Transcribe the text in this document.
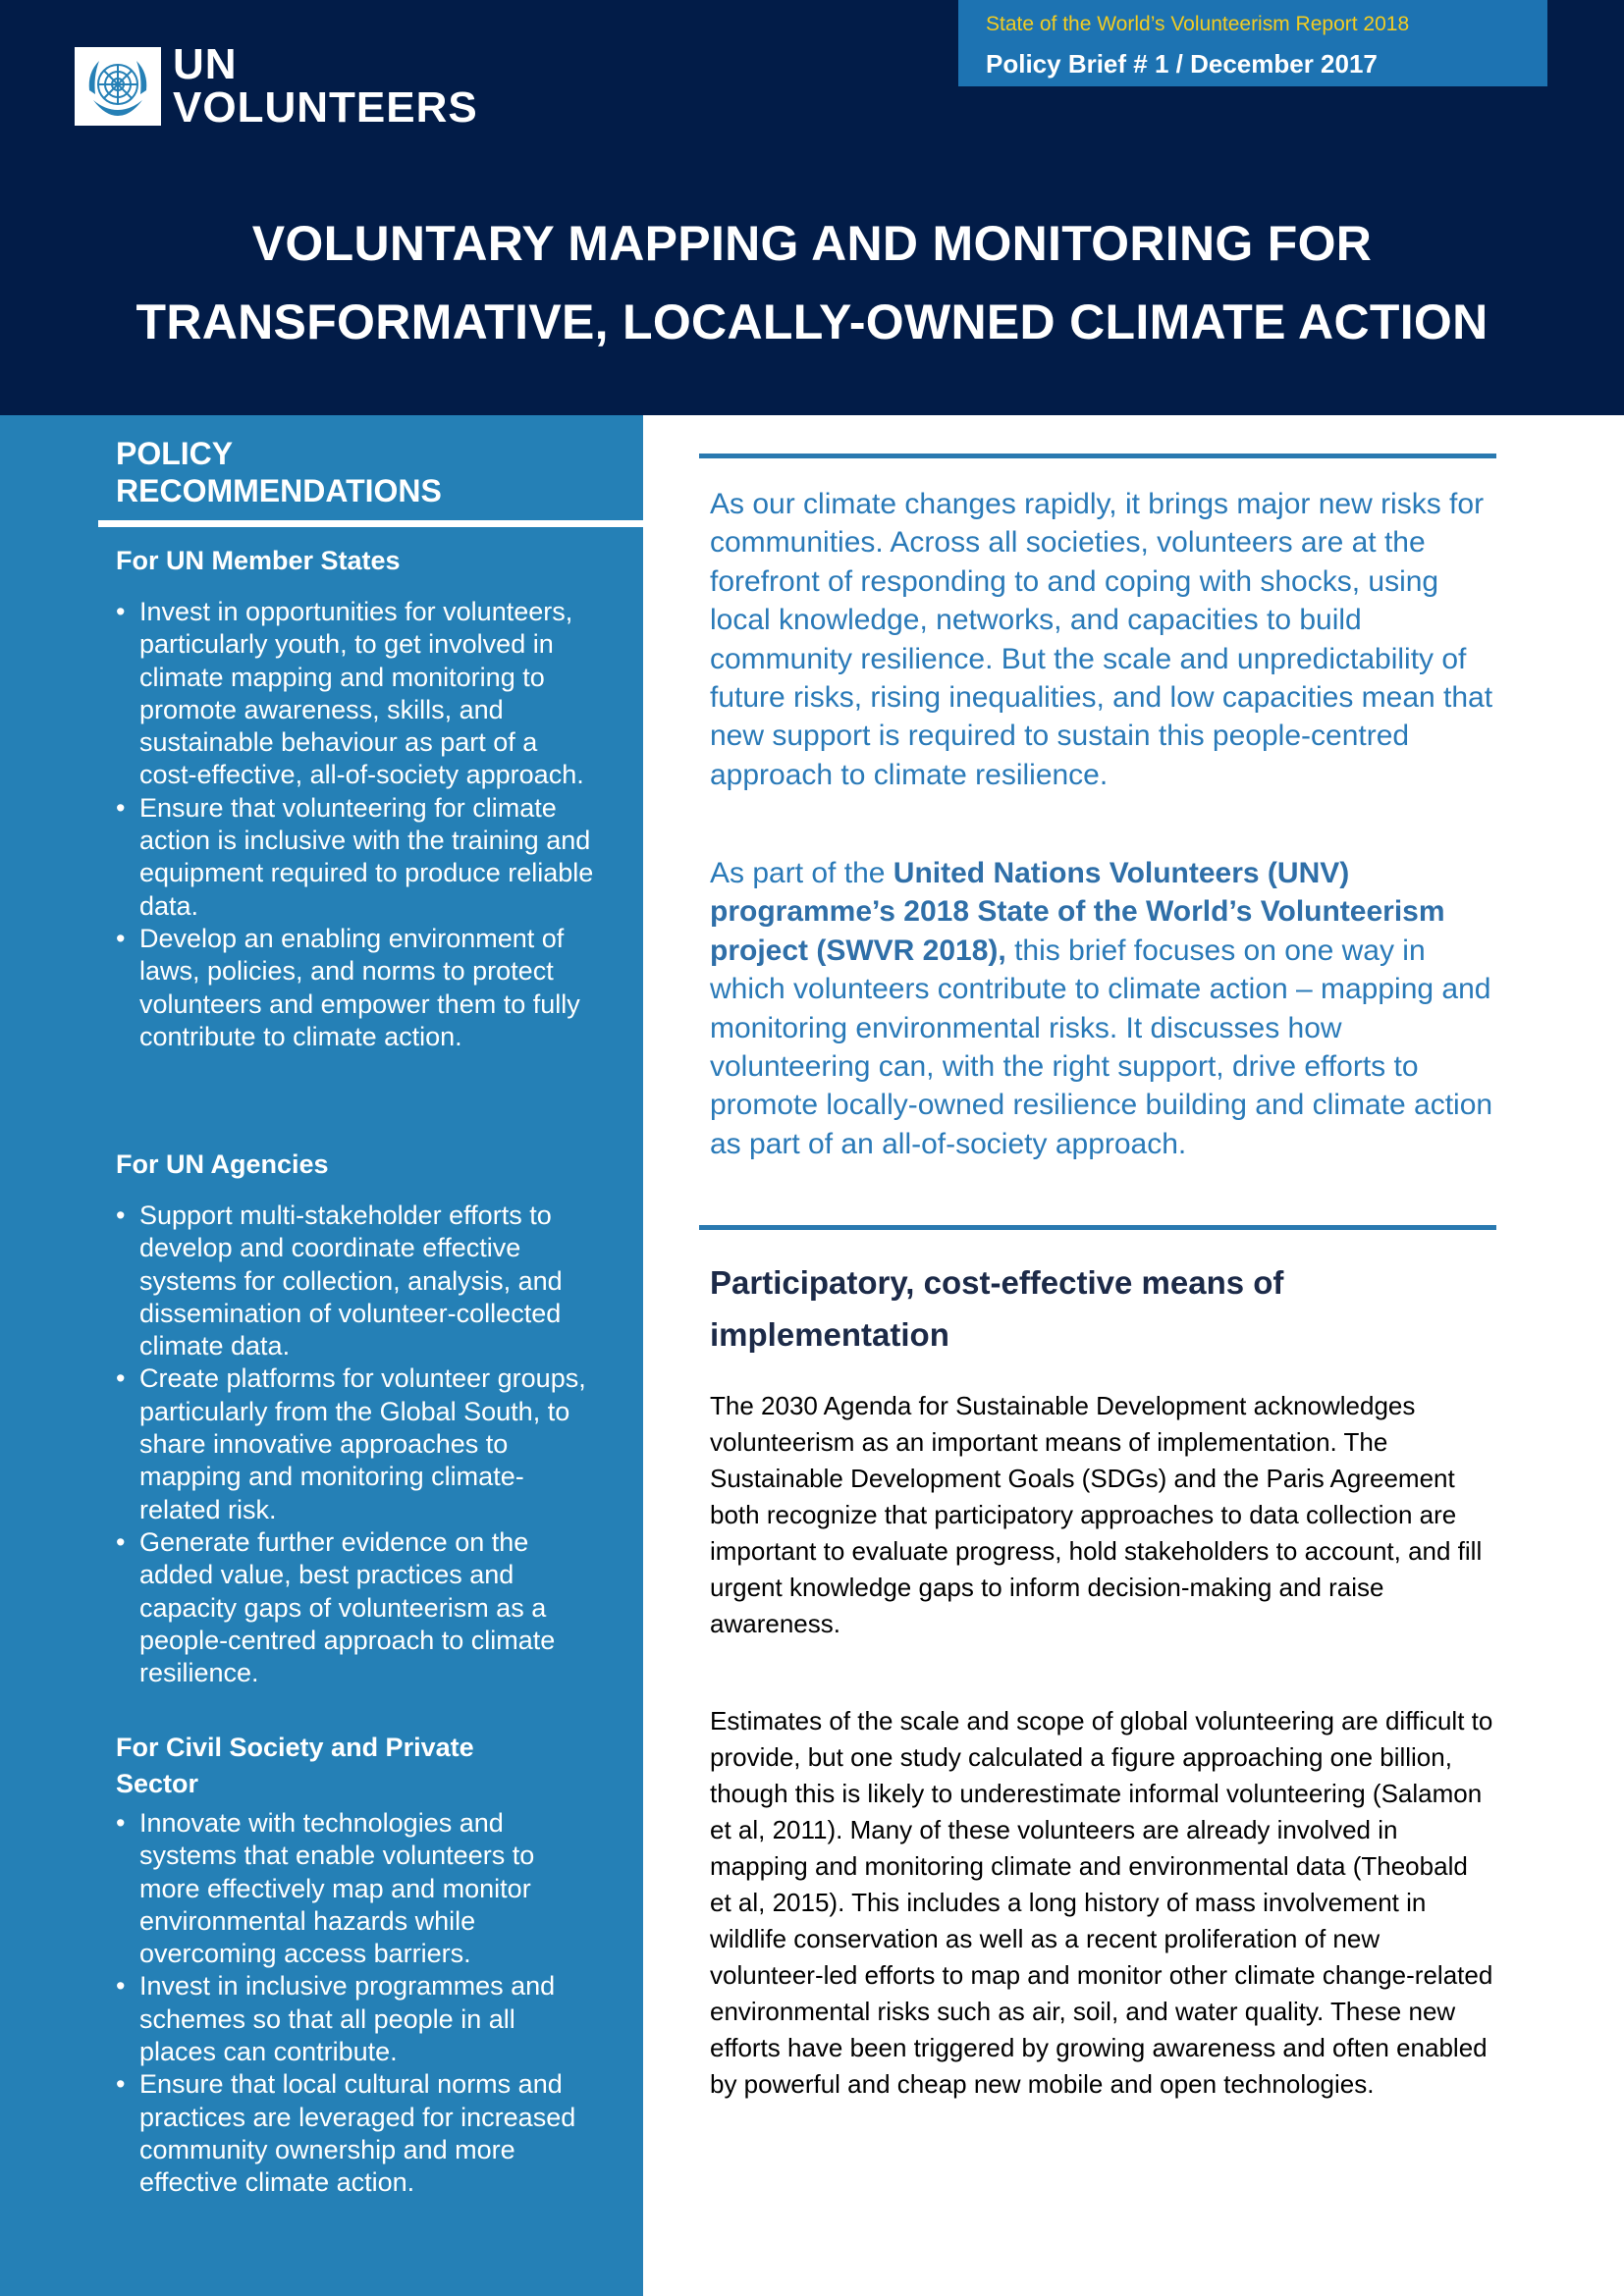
UN
VOLUNTEERS
State of the World’s Volunteerism Report 2018
Policy Brief # 1 / December 2017
VOLUNTARY MAPPING AND MONITORING FOR
TRANSFORMATIVE, LOCALLY-OWNED CLIMATE ACTION
POLICY
RECOMMENDATIONS
For UN Member States
• Invest in opportunities for volunteers, particularly youth, to get involved in climate mapping and monitoring to promote awareness, skills, and sustainable behaviour as part of a cost-effective, all-of-society approach.
• Ensure that volunteering for climate action is inclusive with the training and equipment required to produce reliable data.
• Develop an enabling environment of laws, policies, and norms to protect volunteers and empower them to fully contribute to climate action.
For UN Agencies
• Support multi-stakeholder efforts to develop and coordinate effective systems for collection, analysis, and dissemination of volunteer-collected climate data.
• Create platforms for volunteer groups, particularly from the Global South, to share innovative approaches to mapping and monitoring climate-related risk.
• Generate further evidence on the added value, best practices and capacity gaps of volunteerism as a people-centred approach to climate resilience.
For Civil Society and Private Sector
• Innovate with technologies and systems that enable volunteers to more effectively map and monitor environmental hazards while overcoming access barriers.
• Invest in inclusive programmes and schemes so that all people in all places can contribute.
• Ensure that local cultural norms and practices are leveraged for increased community ownership and more effective climate action.

As our climate changes rapidly, it brings major new risks for communities. Across all societies, volunteers are at the forefront of responding to and coping with shocks, using local knowledge, networks, and capacities to build community resilience. But the scale and unpredictability of future risks, rising inequalities, and low capacities mean that new support is required to sustain this people-centred approach to climate resilience.

As part of the United Nations Volunteers (UNV) programme’s 2018 State of the World’s Volunteerism project (SWVR 2018), this brief focuses on one way in which volunteers contribute to climate action – mapping and monitoring environmental risks. It discusses how volunteering can, with the right support, drive efforts to promote locally-owned resilience building and climate action as part of an all-of-society approach.

Participatory, cost-effective means of implementation

The 2030 Agenda for Sustainable Development acknowledges volunteerism as an important means of implementation. The Sustainable Development Goals (SDGs) and the Paris Agreement both recognize that participatory approaches to data collection are important to evaluate progress, hold stakeholders to account, and fill urgent knowledge gaps to inform decision-making and raise awareness.

Estimates of the scale and scope of global volunteering are difficult to provide, but one study calculated a figure approaching one billion, though this is likely to underestimate informal volunteering (Salamon et al, 2011). Many of these volunteers are already involved in mapping and monitoring climate and environmental data (Theobald et al, 2015). This includes a long history of mass involvement in wildlife conservation as well as a recent proliferation of new volunteer-led efforts to map and monitor other climate change-related environmental risks such as air, soil, and water quality. These new efforts have been triggered by growing awareness and often enabled by powerful and cheap new mobile and open technologies.
